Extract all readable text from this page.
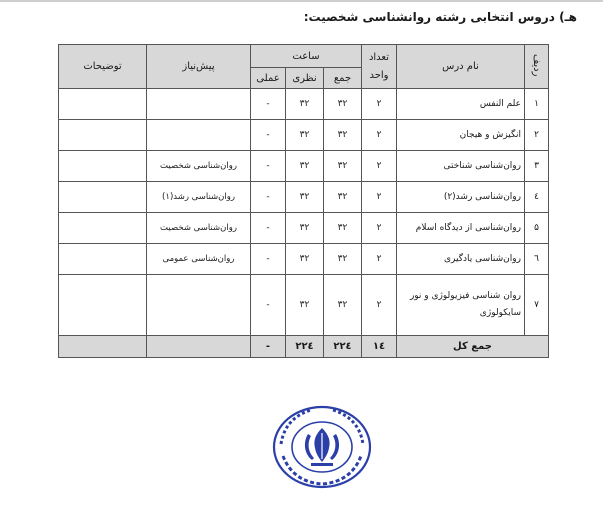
هـ) دروس انتخابی رشته روانشناسی شخصیت:
ردیف	نام درس	تعداد واحد	ساعت			پیش‌نیاز	توضیحات
			جمع	نظری	عملی		
۱	علم النفس	۲	۳۲	۳۲	-		
۲	انگیزش و هیجان	۲	۳۲	۳۲	-		
۳	روان‌شناسی شناختی	۲	۳۲	۳۲	-	روان‌شناسی شخصیت	
٤	روان‌شناسی رشد(۲)	۲	۳۲	۳۲	-	روان‌شناسی رشد(۱)	
۵	روان‌شناسی از دیدگاه اسلام	۲	۳۲	۳۲	-	روان‌شناسی شخصیت	
٦	روان‌شناسی یادگیری	۲	۳۲	۳۲	-	روان‌شناسی عمومی	
۷	روان شناسی فیزیولوژی و نور سایکولوژی	۲	۳۲	۳۲	-		
جمع کل		١٤	۲۲٤	۲۲٤	-		
